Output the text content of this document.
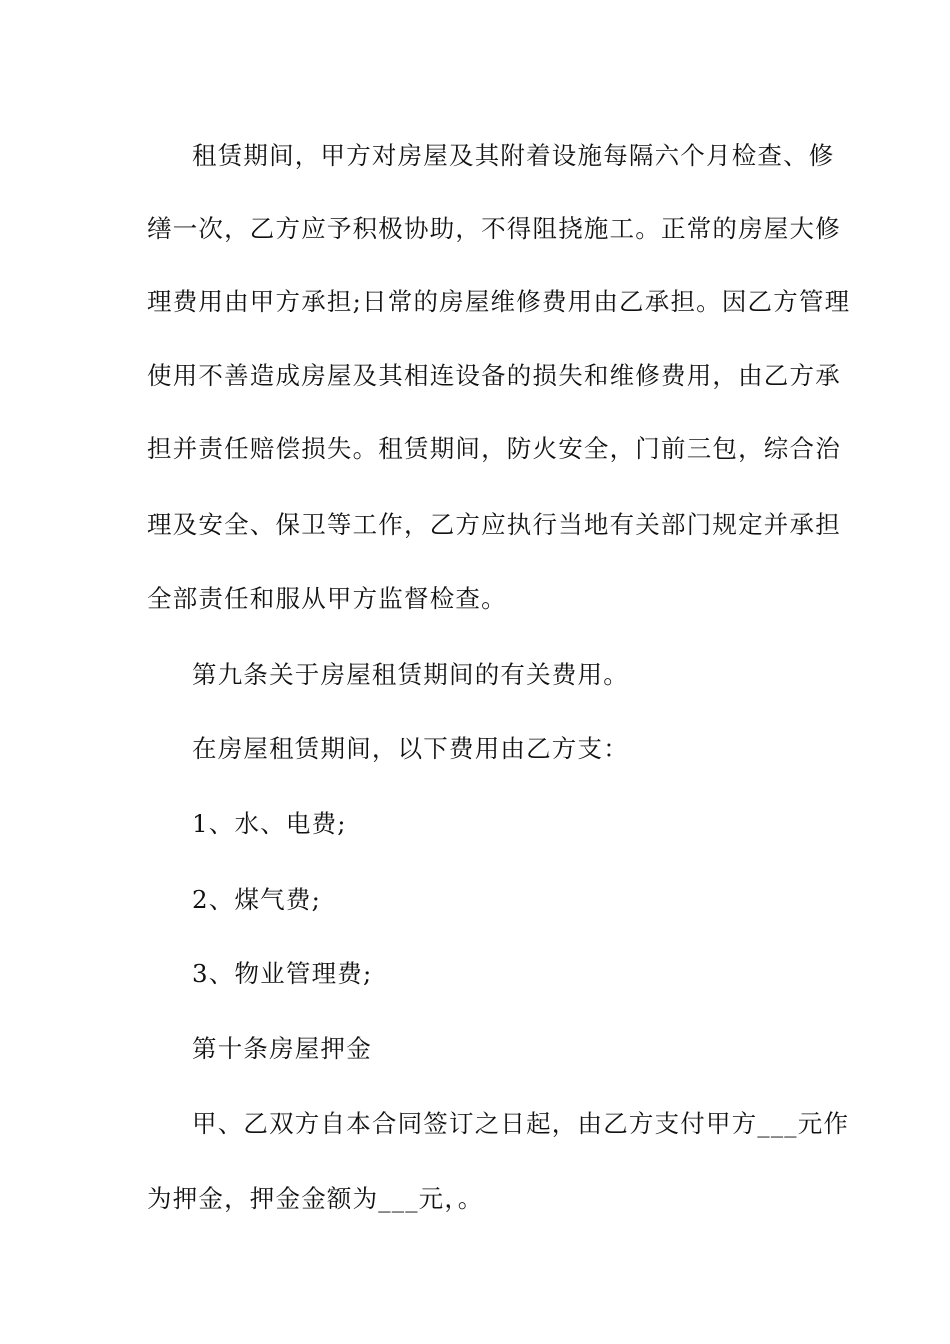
租赁期间，甲方对房屋及其附着设施每隔六个月检查、修
缮一次，乙方应予积极协助，不得阻挠施工。正常的房屋大修
理费用由甲方承担;日常的房屋维修费用由乙承担。因乙方管理
使用不善造成房屋及其相连设备的损失和维修费用，由乙方承
担并责任赔偿损失。租赁期间，防火安全，门前三包，综合治
理及安全、保卫等工作，乙方应执行当地有关部门规定并承担
全部责任和服从甲方监督检查。
第九条关于房屋租赁期间的有关费用。
在房屋租赁期间，以下费用由乙方支：
1、水、电费;
2、煤气费;
3、物业管理费;
第十条房屋押金
甲、乙双方自本合同签订之日起，由乙方支付甲方___元作
为押金，押金金额为___元，。
